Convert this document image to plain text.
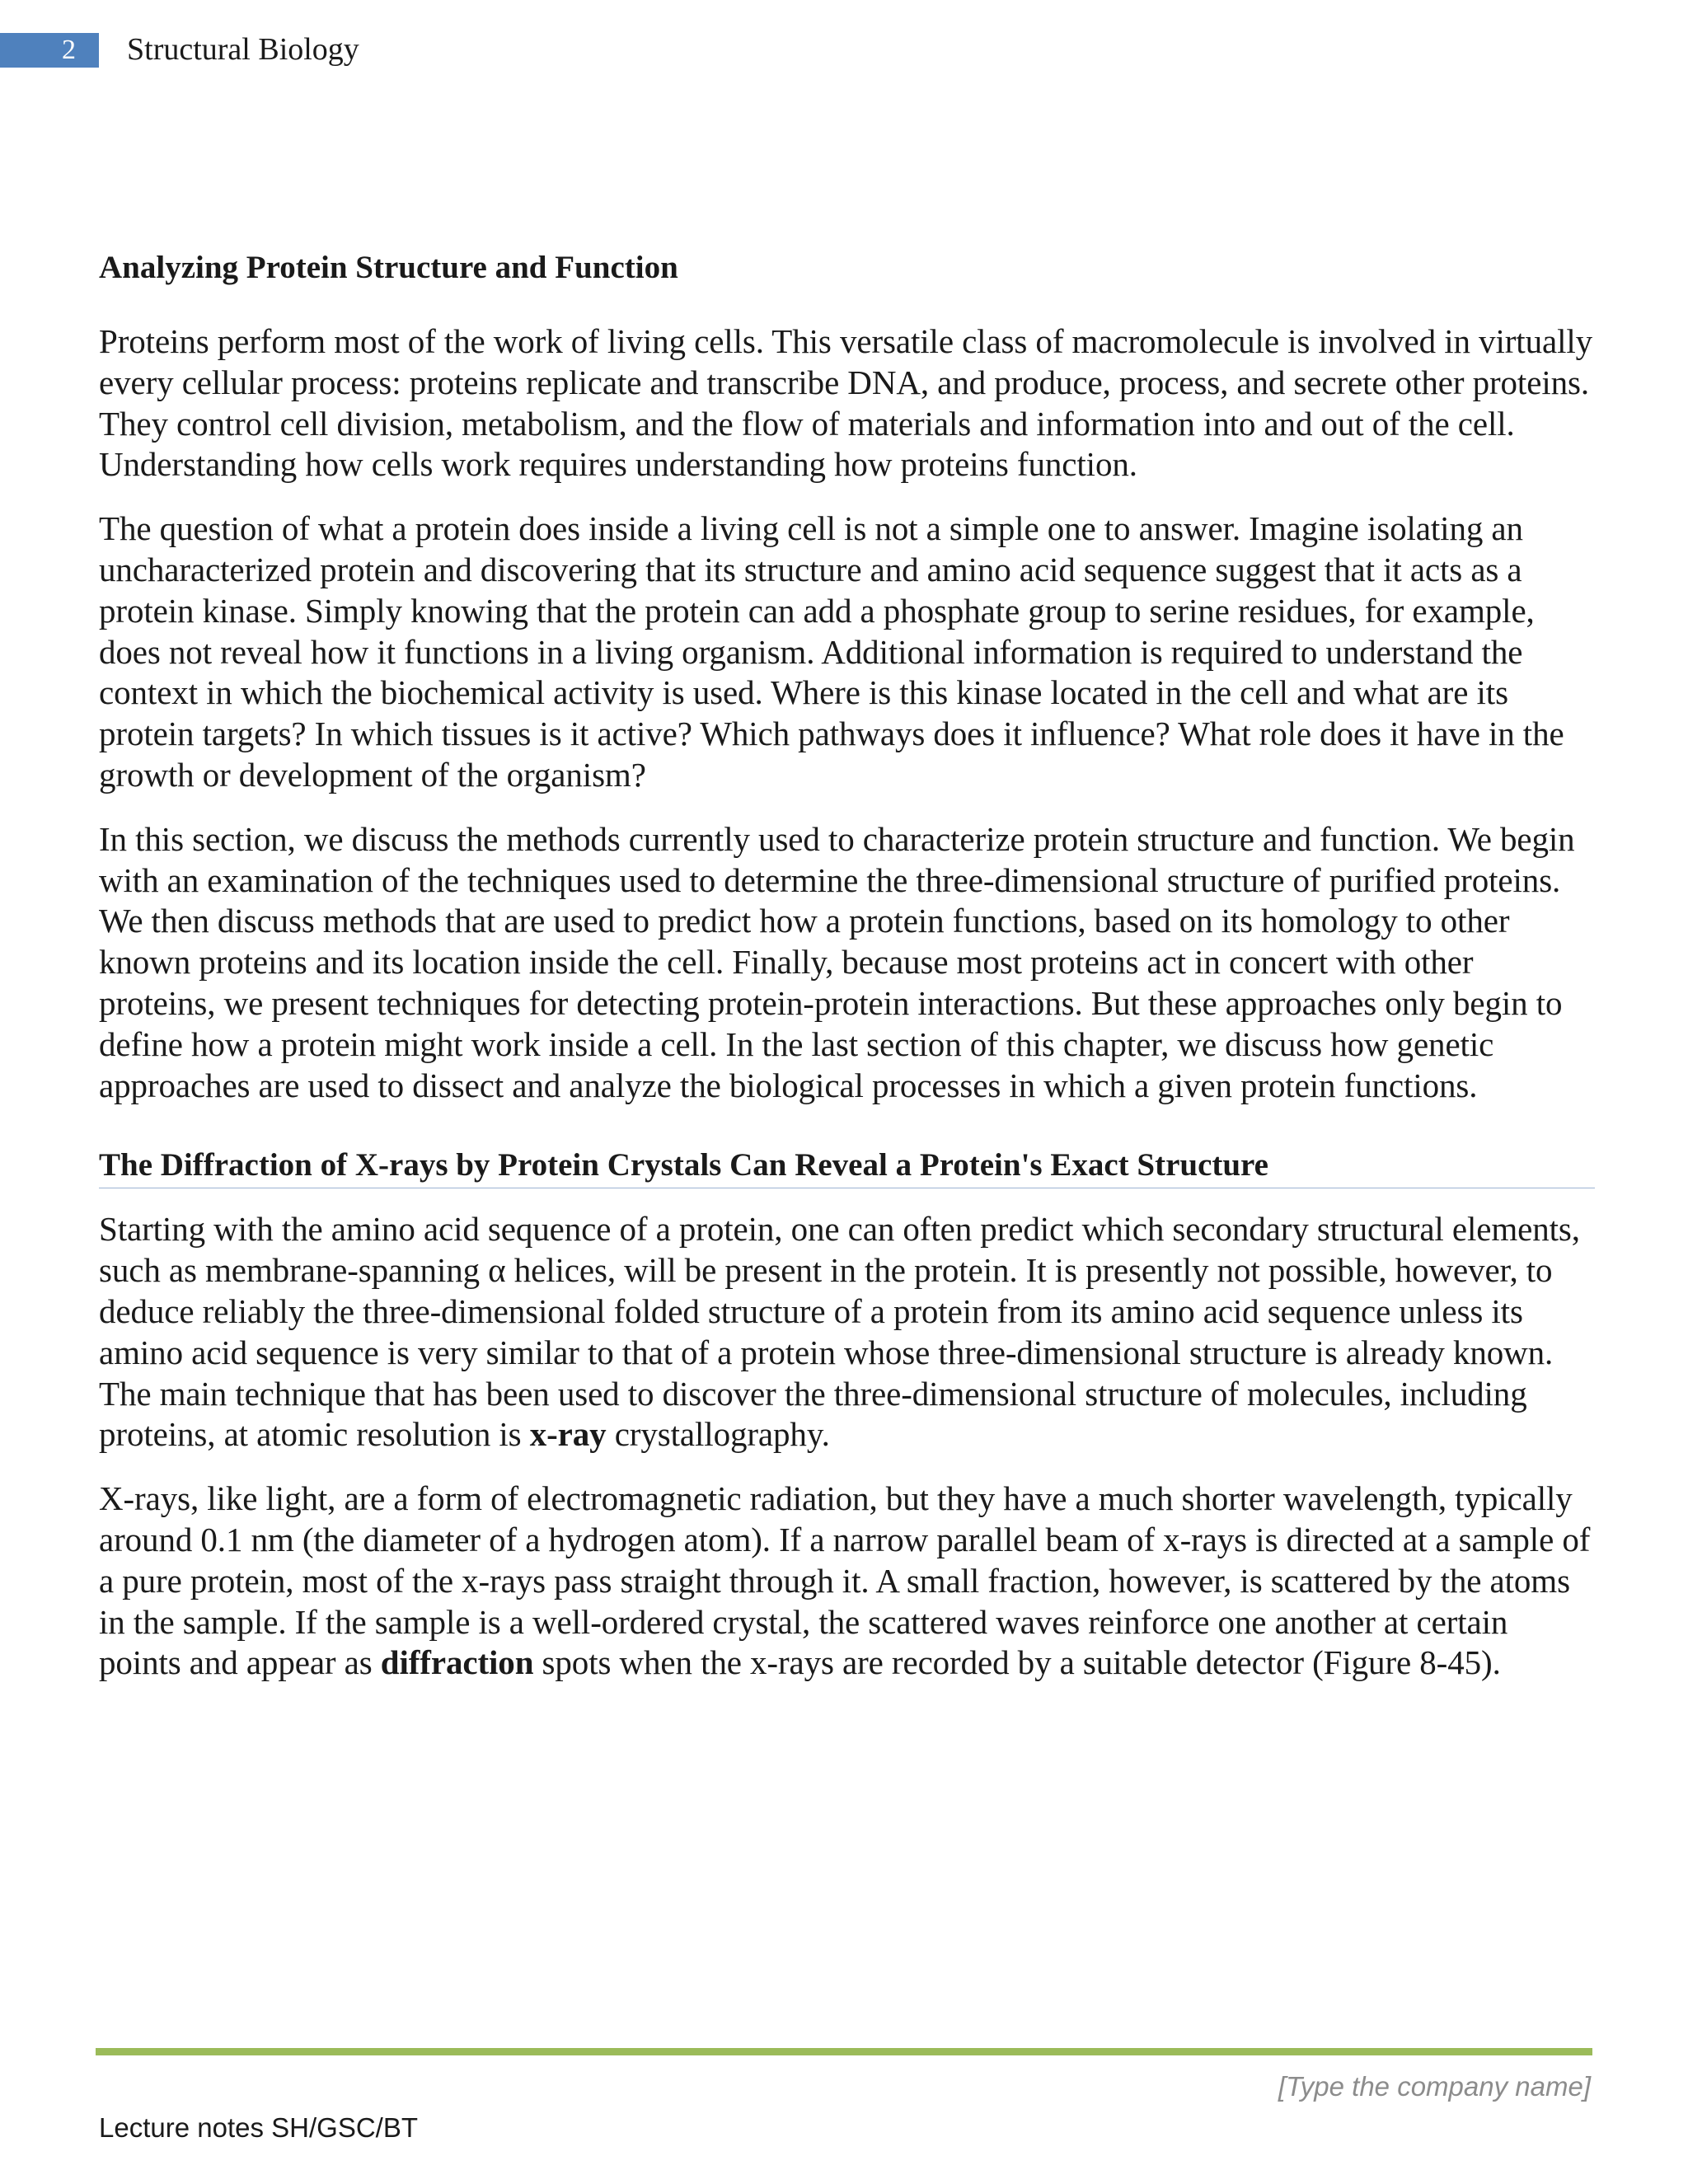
2	Structural Biology
Analyzing Protein Structure and Function

Proteins perform most of the work of living cells. This versatile class of macromolecule is involved in virtually every cellular process: proteins replicate and transcribe DNA, and produce, process, and secrete other proteins. They control cell division, metabolism, and the flow of materials and information into and out of the cell. Understanding how cells work requires understanding how proteins function.

The question of what a protein does inside a living cell is not a simple one to answer. Imagine isolating an uncharacterized protein and discovering that its structure and amino acid sequence suggest that it acts as a protein kinase. Simply knowing that the protein can add a phosphate group to serine residues, for example, does not reveal how it functions in a living organism. Additional information is required to understand the context in which the biochemical activity is used. Where is this kinase located in the cell and what are its protein targets? In which tissues is it active? Which pathways does it influence? What role does it have in the growth or development of the organism?

In this section, we discuss the methods currently used to characterize protein structure and function. We begin with an examination of the techniques used to determine the three-dimensional structure of purified proteins. We then discuss methods that are used to predict how a protein functions, based on its homology to other known proteins and its location inside the cell. Finally, because most proteins act in concert with other proteins, we present techniques for detecting protein-protein interactions. But these approaches only begin to define how a protein might work inside a cell. In the last section of this chapter, we discuss how genetic approaches are used to dissect and analyze the biological processes in which a given protein functions.

The Diffraction of X-rays by Protein Crystals Can Reveal a Protein's Exact Structure

Starting with the amino acid sequence of a protein, one can often predict which secondary structural elements, such as membrane-spanning α helices, will be present in the protein. It is presently not possible, however, to deduce reliably the three-dimensional folded structure of a protein from its amino acid sequence unless its amino acid sequence is very similar to that of a protein whose three-dimensional structure is already known. The main technique that has been used to discover the three-dimensional structure of molecules, including proteins, at atomic resolution is x-ray crystallography.

X-rays, like light, are a form of electromagnetic radiation, but they have a much shorter wavelength, typically around 0.1 nm (the diameter of a hydrogen atom). If a narrow parallel beam of x-rays is directed at a sample of a pure protein, most of the x-rays pass straight through it. A small fraction, however, is scattered by the atoms in the sample. If the sample is a well-ordered crystal, the scattered waves reinforce one another at certain points and appear as diffraction spots when the x-rays are recorded by a suitable detector (Figure 8-45).

[Type the company name]
Lecture notes SH/GSC/BT
